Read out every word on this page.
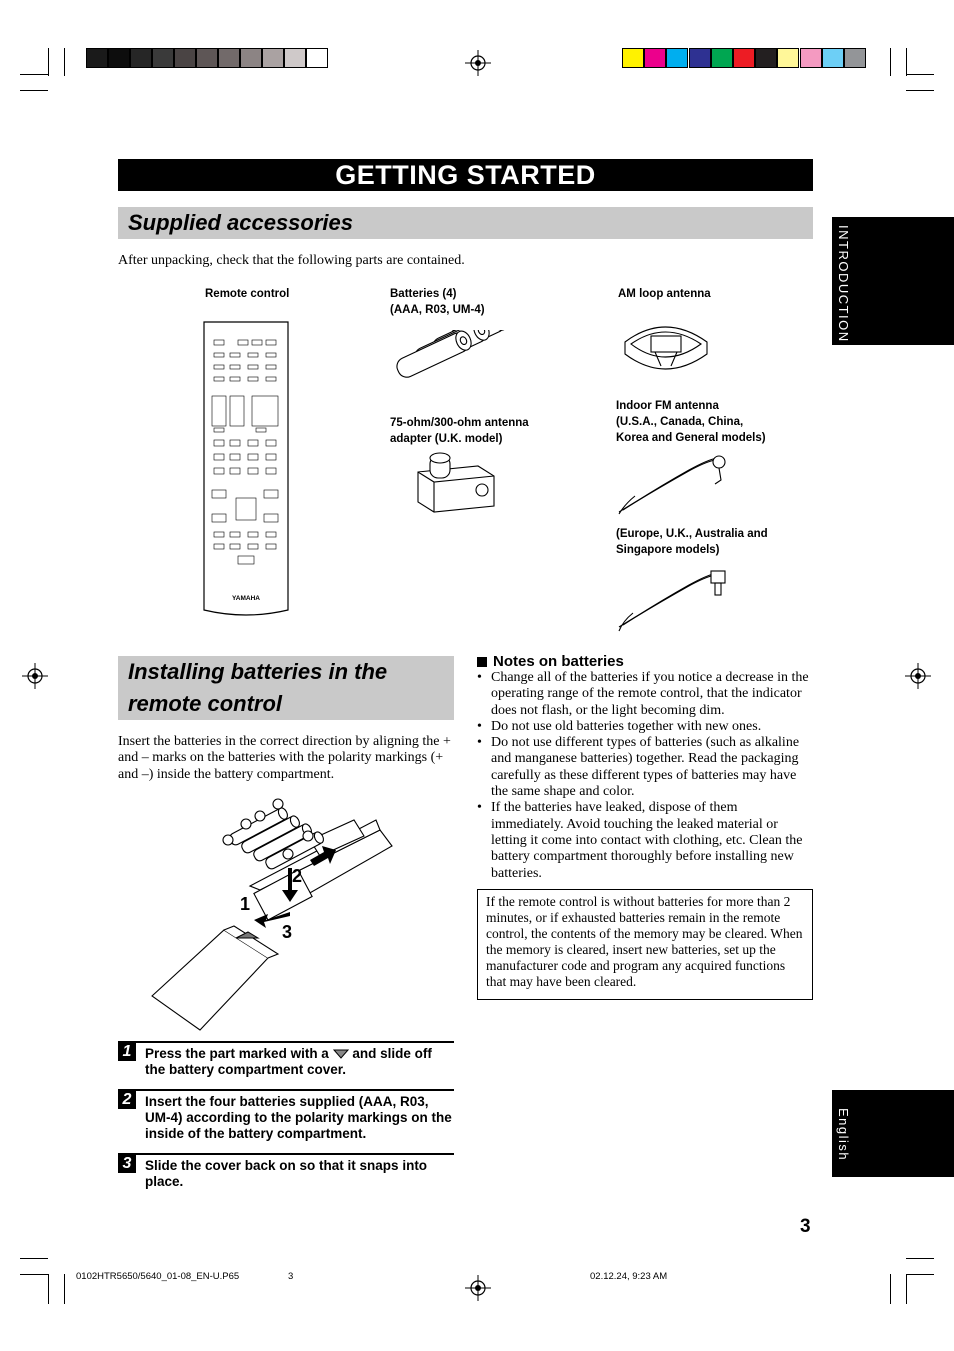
GETTING STARTED
Supplied accessories
After unpacking, check that the following parts are contained.	INTRODUCTION
English
Remote control
YAMAHA
Batteries (4)
(AAA, R03, UM-4)
AM loop antenna
75-ohm/300-ohm antenna
adapter (U.K. model)
Indoor FM antenna
(U.S.A., Canada, China,
Korea and General models)
(Europe, U.K., Australia and
Singapore models)
Installing batteries in the remote control
Insert the batteries in the correct direction by aligning the + and – marks on the batteries with the polarity markings (+ and –) inside the battery compartment.
1
2
3
1	Press the part marked with a and slide off the battery compartment cover.
2	Insert the four batteries supplied (AAA, R03, UM-4) according to the polarity markings on the inside of the battery compartment.
3	Slide the cover back on so that it snaps into place.
Notes on batteries
• Change all of the batteries if you notice a decrease in the operating range of the remote control, that the indicator does not flash, or the light becoming dim.
• Do not use old batteries together with new ones.
• Do not use different types of batteries (such as alkaline and manganese batteries) together. Read the packaging carefully as these different types of batteries may have the same shape and color.
• If the batteries have leaked, dispose of them immediately. Avoid touching the leaked material or letting it come into contact with clothing, etc. Clean the battery compartment thoroughly before installing new batteries.
If the remote control is without batteries for more than 2 minutes, or if exhausted batteries remain in the remote control, the contents of the memory may be cleared. When the memory is cleared, insert new batteries, set up the manufacturer code and program any acquired functions that may have been cleared.
3
0102HTR5650/5640_01-08_EN-U.P65	3	02.12.24, 9:23 AM
